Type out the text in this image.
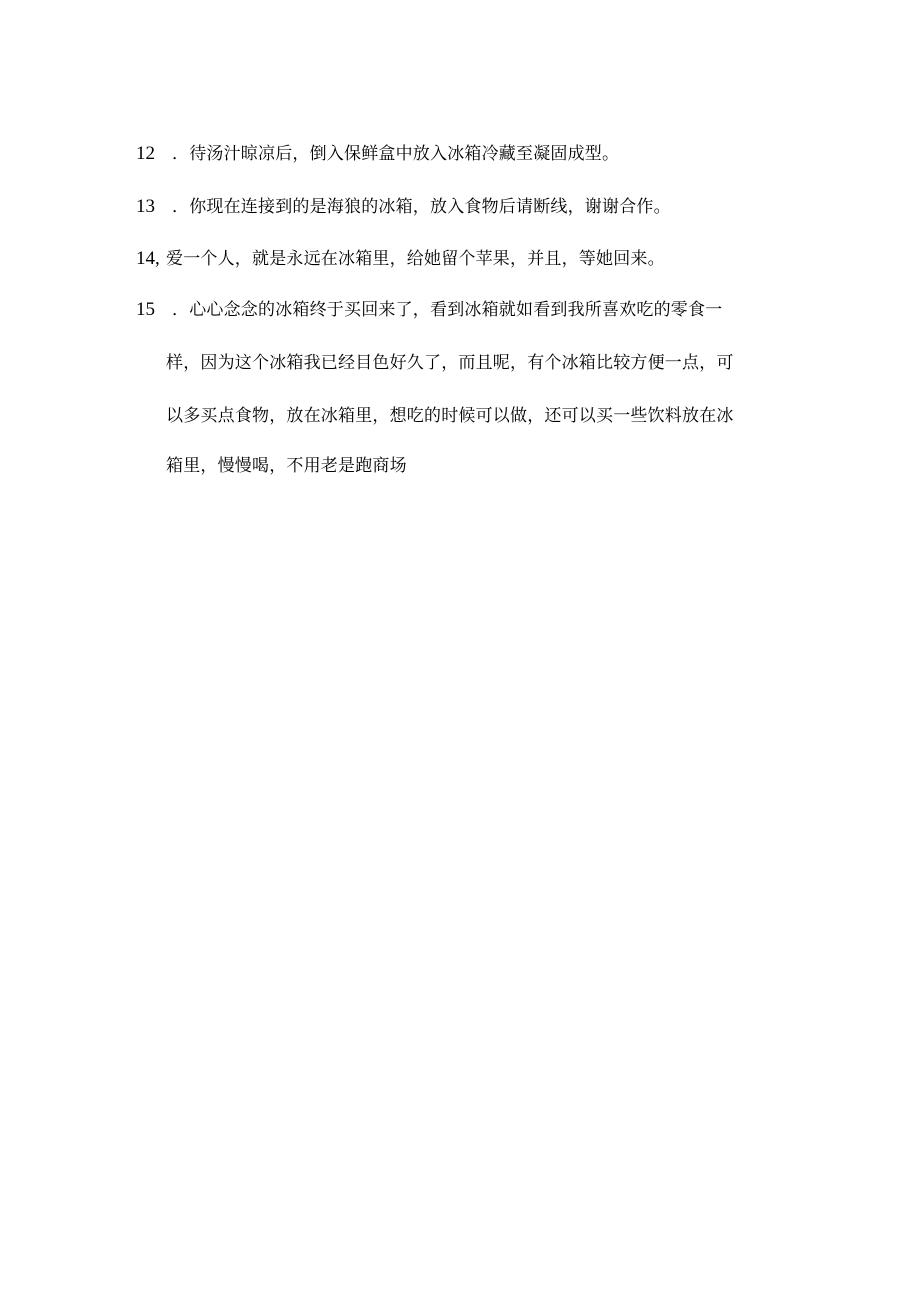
12 ．待汤汁晾凉后，倒入保鲜盒中放入冰箱冷藏至凝固成型。
13 ．你现在连接到的是海狼的冰箱，放入食物后请断线，谢谢合作。
14, 爱一个人，就是永远在冰箱里，给她留个苹果，并且，等她回来。
15 ．心心念念的冰箱终于买回来了，看到冰箱就如看到我所喜欢吃的零食一
样，因为这个冰箱我已经目色好久了，而且呢，有个冰箱比较方便一点，可
以多买点食物，放在冰箱里，想吃的时候可以做，还可以买一些饮料放在冰
箱里，慢慢喝，不用老是跑商场
